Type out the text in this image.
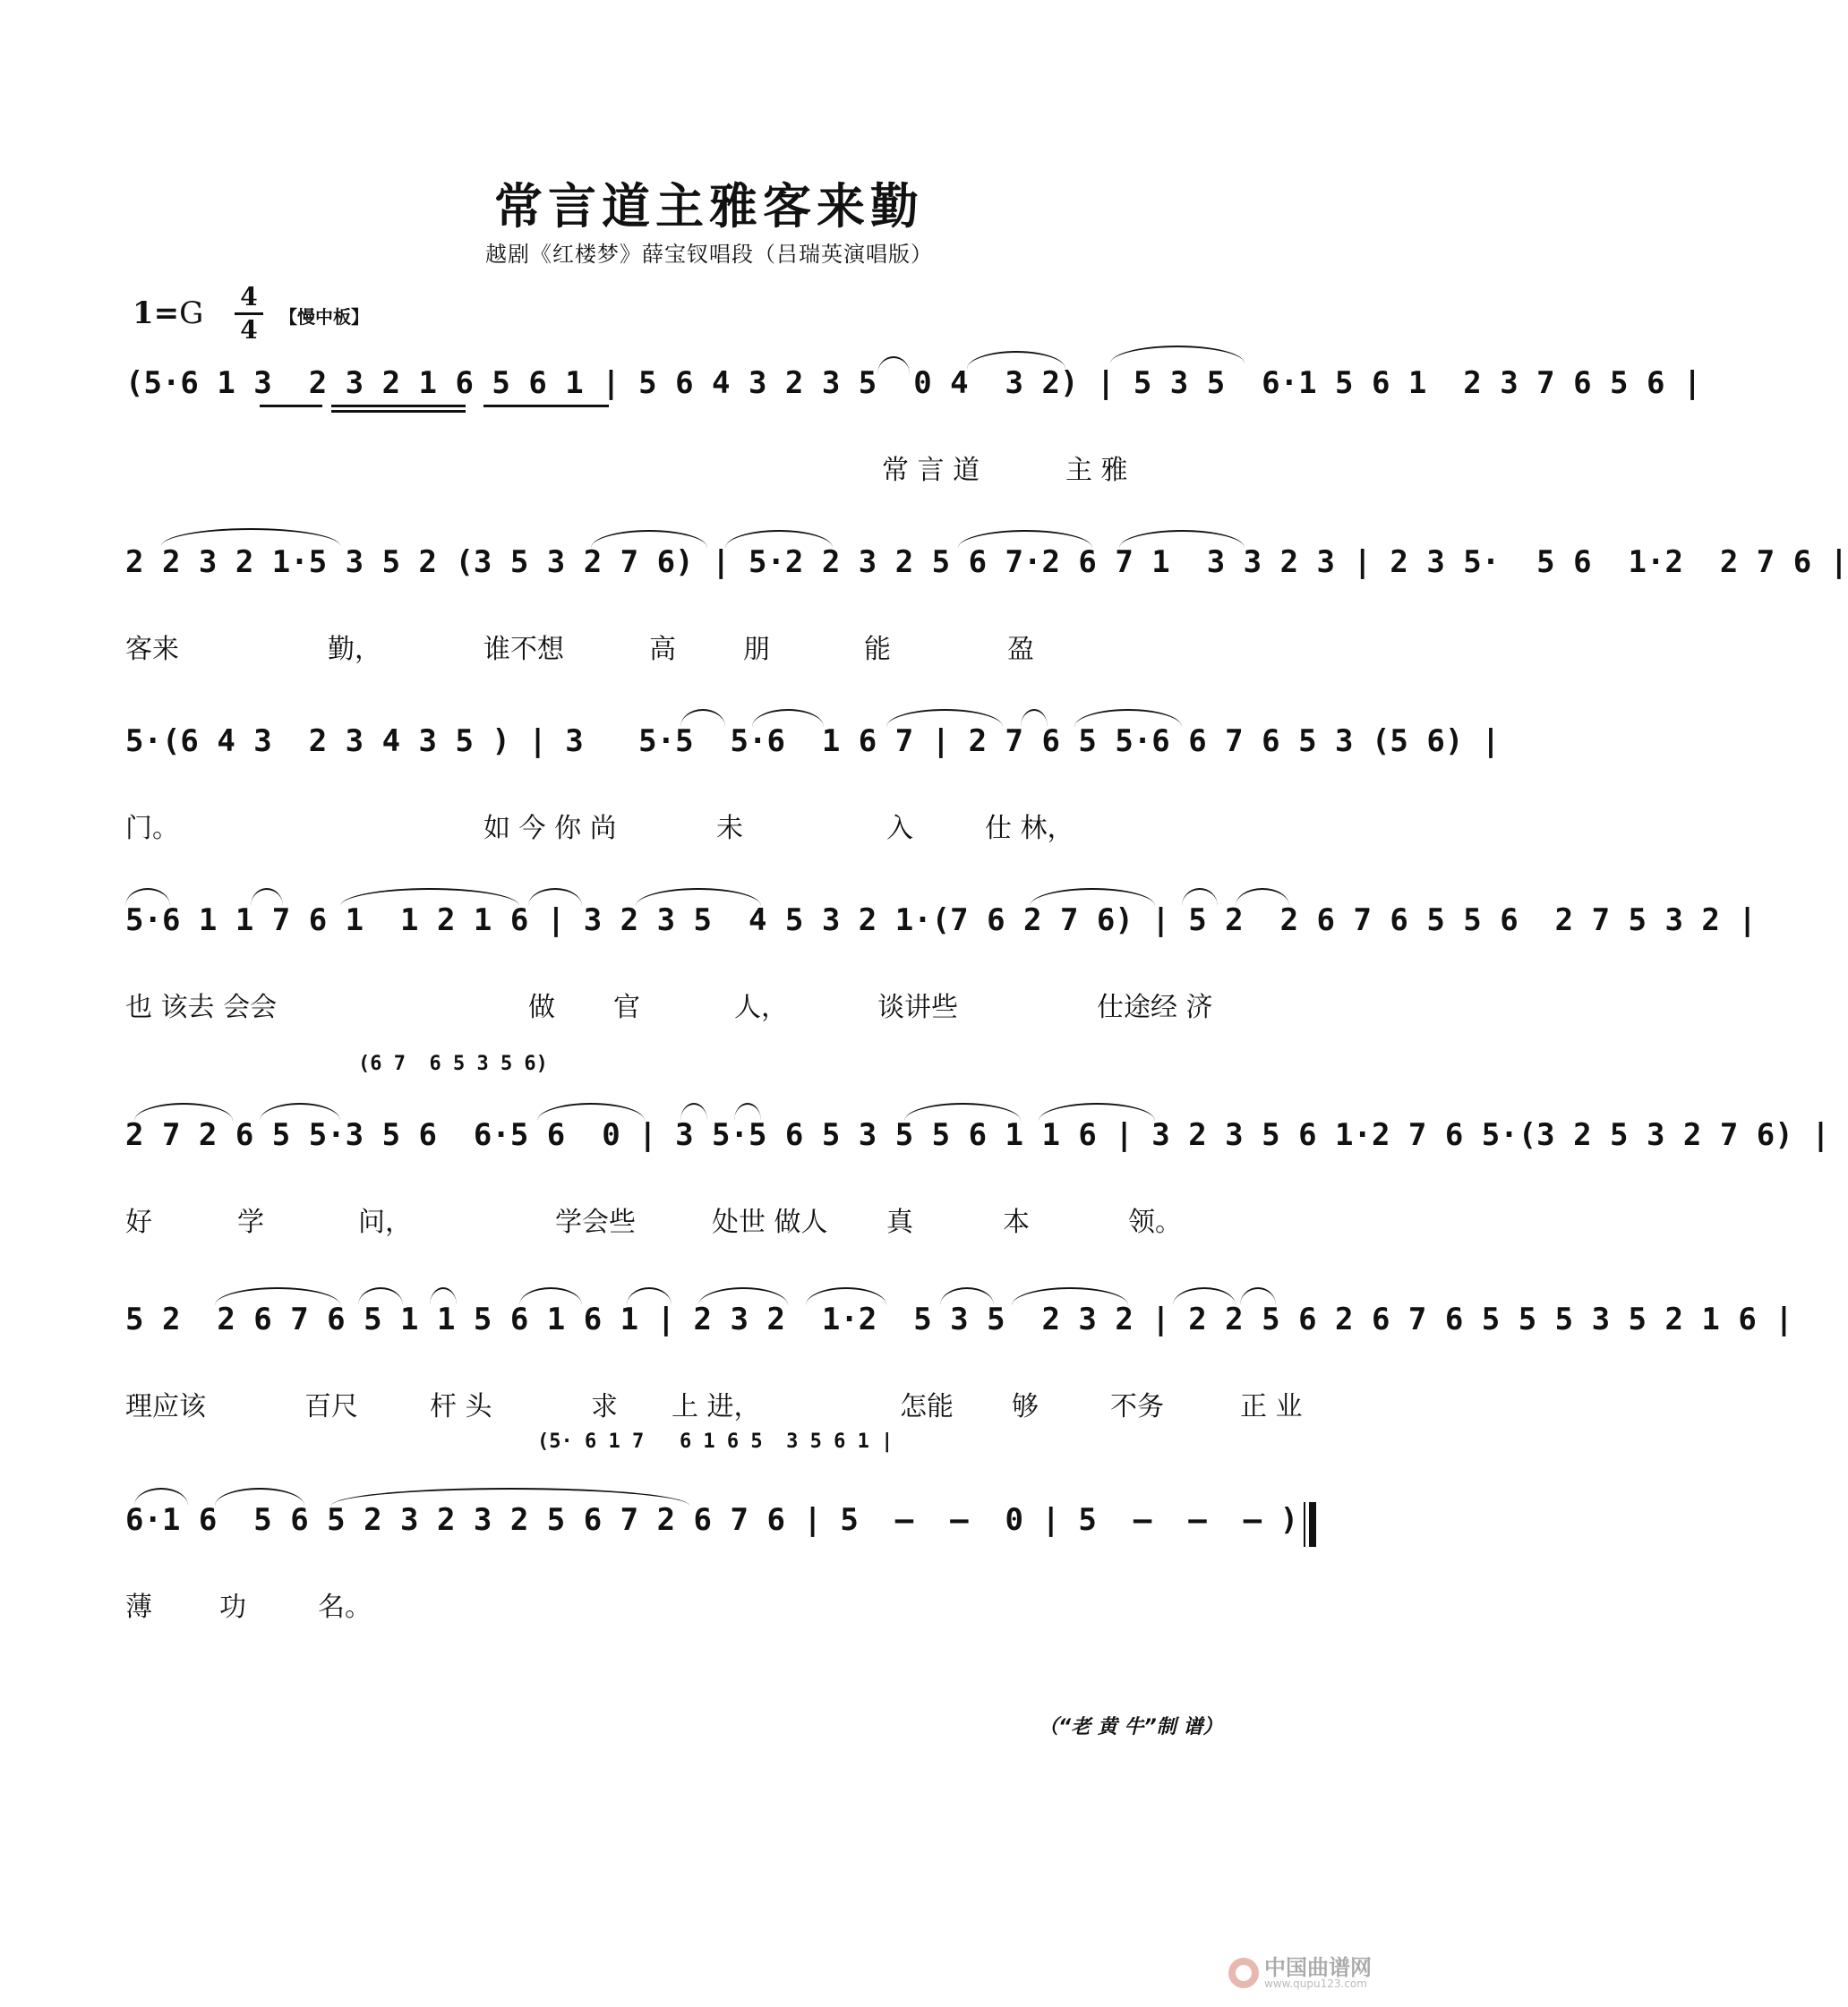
常言道主雅客来勤
越剧《红楼梦》薛宝钗唱段（吕瑞英演唱版）
1=G 4
4	【慢中板】
(5·6 1 3  2 3 2 1 6 5 6 1 | 5 6 4 3 2 3 5  0 4  3 2) | 5 3 5  6·1 5 6 1  2 3 7 6 5 6 |
常 言 道	主 雅
2 2 3 2 1·5 3 5 2 (3 5 3 2 7 6) | 5·2 2 3 2 5 6 7·2 6 7 1  3 3 2 3 | 2 3 5·  5 6  1·2  2 7 6 |
客来	勤，	谁不想	高	朋	能	盈
5·(6 4 3  2 3 4 3 5 ) | 3   5·5  5·6  1 6 7 | 2 7 6 5 5·6 6 7 6 5 3 (5 6) |
门。	如 今 你 尚	未	入	仕 林，
5·6 1 1 7 6 1  1 2 1 6 | 3 2 3 5  4 5 3 2 1·(7 6 2 7 6) | 5 2  2 6 7 6 5 5 6  2 7 5 3 2 |
也 该去 会会	做 官	人，	谈讲些	仕途经 济
(6 7  6 5 3 5 6)
2 7 2 6 5 5·3 5 6  6·5 6  0 | 3 5·5 6 5 3 5 5 6 1 1 6 | 3 2 3 5 6 1·2 7 6 5·(3 2 5 3 2 7 6) |
好	学	问，	学会些	处世 做人 真	本	领。
5 2  2 6 7 6 5 1 1 5 6 1 6 1 | 2 3 2  1·2  5 3 5  2 3 2 | 2 2 5 6 2 6 7 6 5 5 5 3 5 2 1 6 |
理应该	百尺	杆 头	求 上 进，	怎能 够	不务	正 业
(5· 6 1 7   6 1 6 5  3 5 6 1 |
6·1 6  5 6 5 2 3 2 3 2 5 6 7 2 6 7 6 | 5  –  –  0 | 5  –  –  – )
薄	功	名。
（“老 黄 牛”制 谱）
中国曲谱网
www.qupu123.com
